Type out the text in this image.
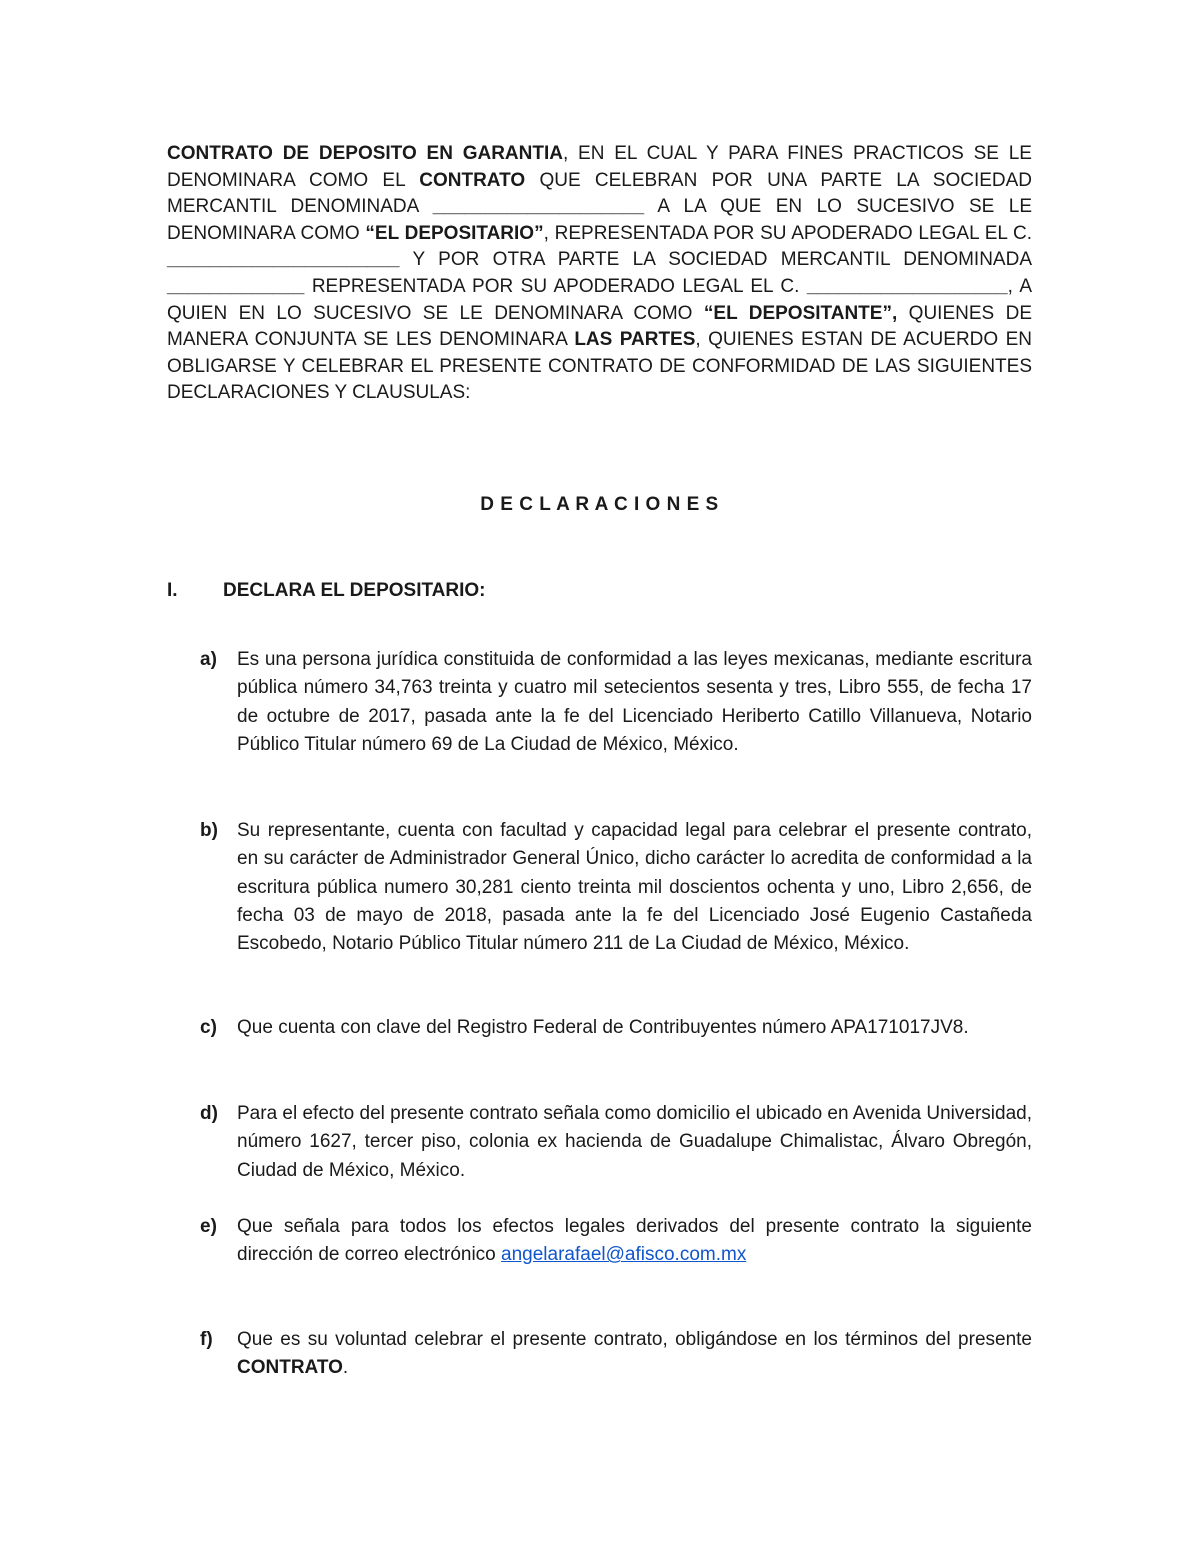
CONTRATO DE DEPOSITO EN GARANTIA, EN EL CUAL Y PARA FINES PRACTICOS SE LE DENOMINARA COMO EL CONTRATO QUE CELEBRAN POR UNA PARTE LA SOCIEDAD MERCANTIL DENOMINADA ____________________ A LA QUE EN LO SUCESIVO SE LE DENOMINARA COMO “EL DEPOSITARIO”, REPRESENTADA POR SU APODERADO LEGAL EL C. ______________________ Y POR OTRA PARTE LA SOCIEDAD MERCANTIL DENOMINADA _____________ REPRESENTADA POR SU APODERADO LEGAL EL C. ___________________, A QUIEN EN LO SUCESIVO SE LE DENOMINARA COMO “EL DEPOSITANTE”, QUIENES DE MANERA CONJUNTA SE LES DENOMINARA LAS PARTES, QUIENES ESTAN DE ACUERDO EN OBLIGARSE Y CELEBRAR EL PRESENTE CONTRATO DE CONFORMIDAD DE LAS SIGUIENTES DECLARACIONES Y CLAUSULAS:
D E C L A R A C I O N E S
I. DECLARA EL DEPOSITARIO:
a) Es una persona jurídica constituida de conformidad a las leyes mexicanas, mediante escritura pública número 34,763 treinta y cuatro mil setecientos sesenta y tres, Libro 555, de fecha 17 de octubre de 2017, pasada ante la fe del Licenciado Heriberto Catillo Villanueva, Notario Público Titular número 69 de La Ciudad de México, México.
b) Su representante, cuenta con facultad y capacidad legal para celebrar el presente contrato, en su carácter de Administrador General Único, dicho carácter lo acredita de conformidad a la escritura pública numero 30,281 ciento treinta mil doscientos ochenta y uno, Libro 2,656, de fecha 03 de mayo de 2018, pasada ante la fe del Licenciado José Eugenio Castañeda Escobedo, Notario Público Titular número 211 de La Ciudad de México, México.
c) Que cuenta con clave del Registro Federal de Contribuyentes número APA171017JV8.
d) Para el efecto del presente contrato señala como domicilio el ubicado en Avenida Universidad, número 1627, tercer piso, colonia ex hacienda de Guadalupe Chimalistac, Álvaro Obregón, Ciudad de México, México.
e) Que señala para todos los efectos legales derivados del presente contrato la siguiente dirección de correo electrónico angelarafael@afisco.com.mx
f) Que es su voluntad celebrar el presente contrato, obligándose en los términos del presente CONTRATO.
